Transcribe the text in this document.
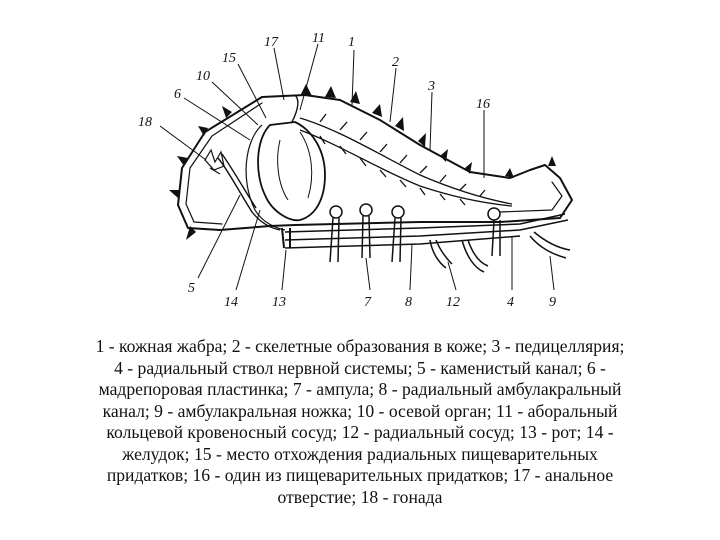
1
2
3
16
11
17
15
10
6
18
5
14 13	7 8 12	4	9
1 - кожная жабра; 2 - скелетные образования в коже; 3 - педицеллярия;
4 - радиальный ствол нервной системы; 5 - каменистый канал; 6 -
мадрепоровая пластинка; 7 - ампула; 8 - радиальный амбулакральный
канал; 9 - амбулакральная ножка; 10 - осевой орган; 11 - аборальный
кольцевой кровеносный сосуд; 12 - радиальный сосуд; 13 - рот; 14 -
желудок; 15 - место отхождения радиальных пищеварительных
придатков; 16 - один из пищеварительных придатков; 17 - анальное
отверстие; 18 - гонада
